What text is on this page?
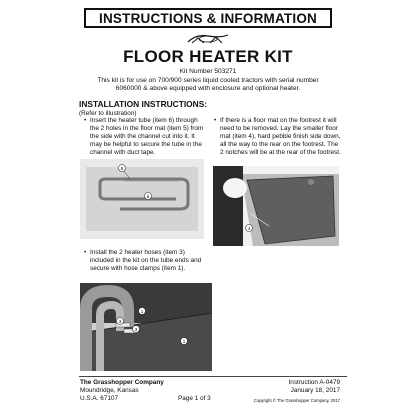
INSTRUCTIONS & INFORMATION
FLOOR HEATER KIT
Kit Number 503271
This kit is for use on 700/900 series liquid cooled tractors with serial number 6060000 & above equipped with enclosure and optional heater.
INSTALLATION INSTRUCTIONS:
(Refer to illustration)
• Insert the heater tube (item 6) through the 2 holes in the floor mat (item 5) from the side with the channel cut into it. It may be helpful to secure the tube in the channel with duct tape.
• If there is a floor mat on the footrest it will need to be removed. Lay the smaller floor mat (item 4), hard pebble finish side down, all the way to the rear on the footrest. The 2 notches will be at the rear of the footrest.
5
6
4
• Install the 2 heater hoses (item 3) included in the kit on the tube ends and secure with hose clamps (item 1).
1
3
3
1
The Grasshopper Company
Moundridge, Kansas
U.S.A. 67107	Page 1 of 3
Instruction A-0479
January 18, 2017
Copyright © The Grasshopper Company, 2017
